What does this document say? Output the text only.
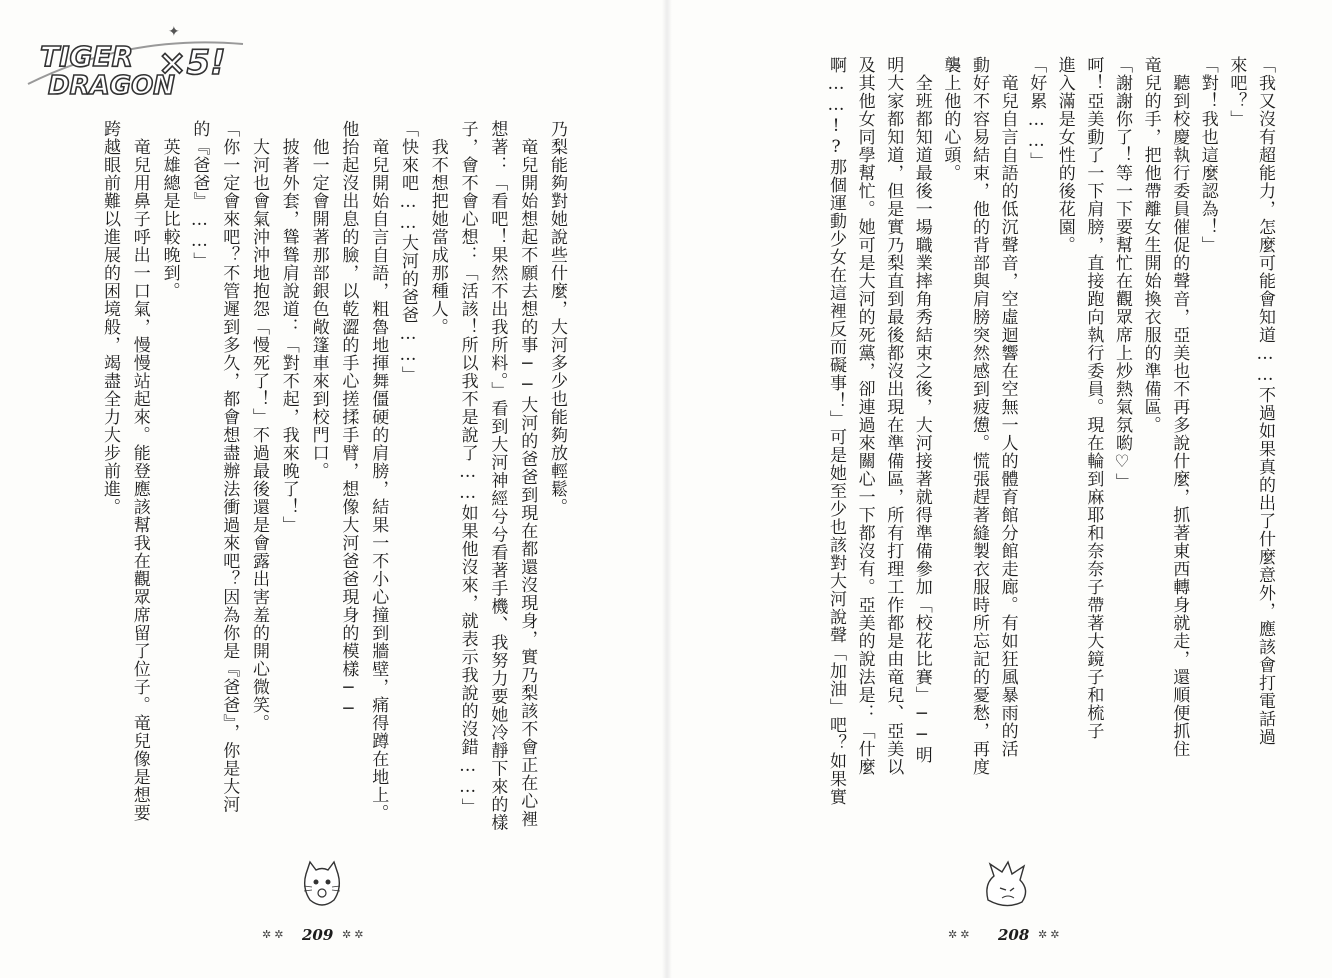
TIGER
DRAGON
×5!
✦
乃梨能夠對她說些什麼，大河多少也能夠放輕鬆。
　竜兒開始想起不願去想的事──大河的爸爸到現在都還沒現身，實乃梨該不會正在心裡
想著：「看吧！果然不出我所料。」看到大河神經兮兮看著手機、我努力要她冷靜下來的樣
子，會不會心想：「活該！所以我不是說了……如果他沒來，就表示我說的沒錯……」
　我不想把她當成那種人。
「快來吧……大河的爸爸……」
　竜兒開始自言自語，粗魯地揮舞僵硬的肩膀，結果一不小心撞到牆壁，痛得蹲在地上。
他抬起沒出息的臉，以乾澀的手心搓揉手臂，想像大河爸爸現身的模樣──
　他一定會開著那部銀色敞篷車來到校門口。
　披著外套，聳聳肩說道：「對不起，我來晚了！」
　大河也會氣沖沖地抱怨「慢死了！」不過最後還是會露出害羞的開心微笑。
「你一定會來吧？不管遲到多久，都會想盡辦法衝過來吧？因為你是『爸爸』，你是大河
的『爸爸』……」
　英雄總是比較晚到。
　竜兒用鼻子呼出一口氣，慢慢站起來。能登應該幫我在觀眾席留了位子。竜兒像是想要
跨越眼前難以進展的困境般，竭盡全力大步前進。	「我又沒有超能力，怎麼可能會知道……不過如果真的出了什麼意外，應該會打電話過
來吧？」
「對！我也這麼認為！」
　聽到校慶執行委員催促的聲音，亞美也不再多說什麼，抓著東西轉身就走，還順便抓住
竜兒的手，把他帶離女生開始換衣服的準備區。
「謝謝你了！等一下要幫忙在觀眾席上炒熱氣氛喲♡」
呵！亞美動了一下肩膀，直接跑向執行委員。現在輪到麻耶和奈奈子帶著大鏡子和梳子
進入滿是女性的後花園。
「好累……」
　竜兒自言自語的低沉聲音，空虛迴響在空無一人的體育館分館走廊。有如狂風暴雨的活
動好不容易結束，他的背部與肩膀突然感到疲憊。慌張趕著縫製衣服時所忘記的憂愁，再度
襲上他的心頭。
　全班都知道最後一場職業摔角秀結束之後，大河接著就得準備參加「校花比賽」──明
明大家都知道，但是實乃梨直到最後都沒出現在準備區，所有打理工作都是由竜兒、亞美以
及其他女同學幫忙。她可是大河的死黨，卻連過來關心一下都沒有。亞美的說法是：「什麼
啊……!?那個運動少女在這裡反而礙事！」可是她至少也該對大河說聲「加油」吧？如果實
✲✲ 209 ✲✲	✲✲ 208 ✲✲
